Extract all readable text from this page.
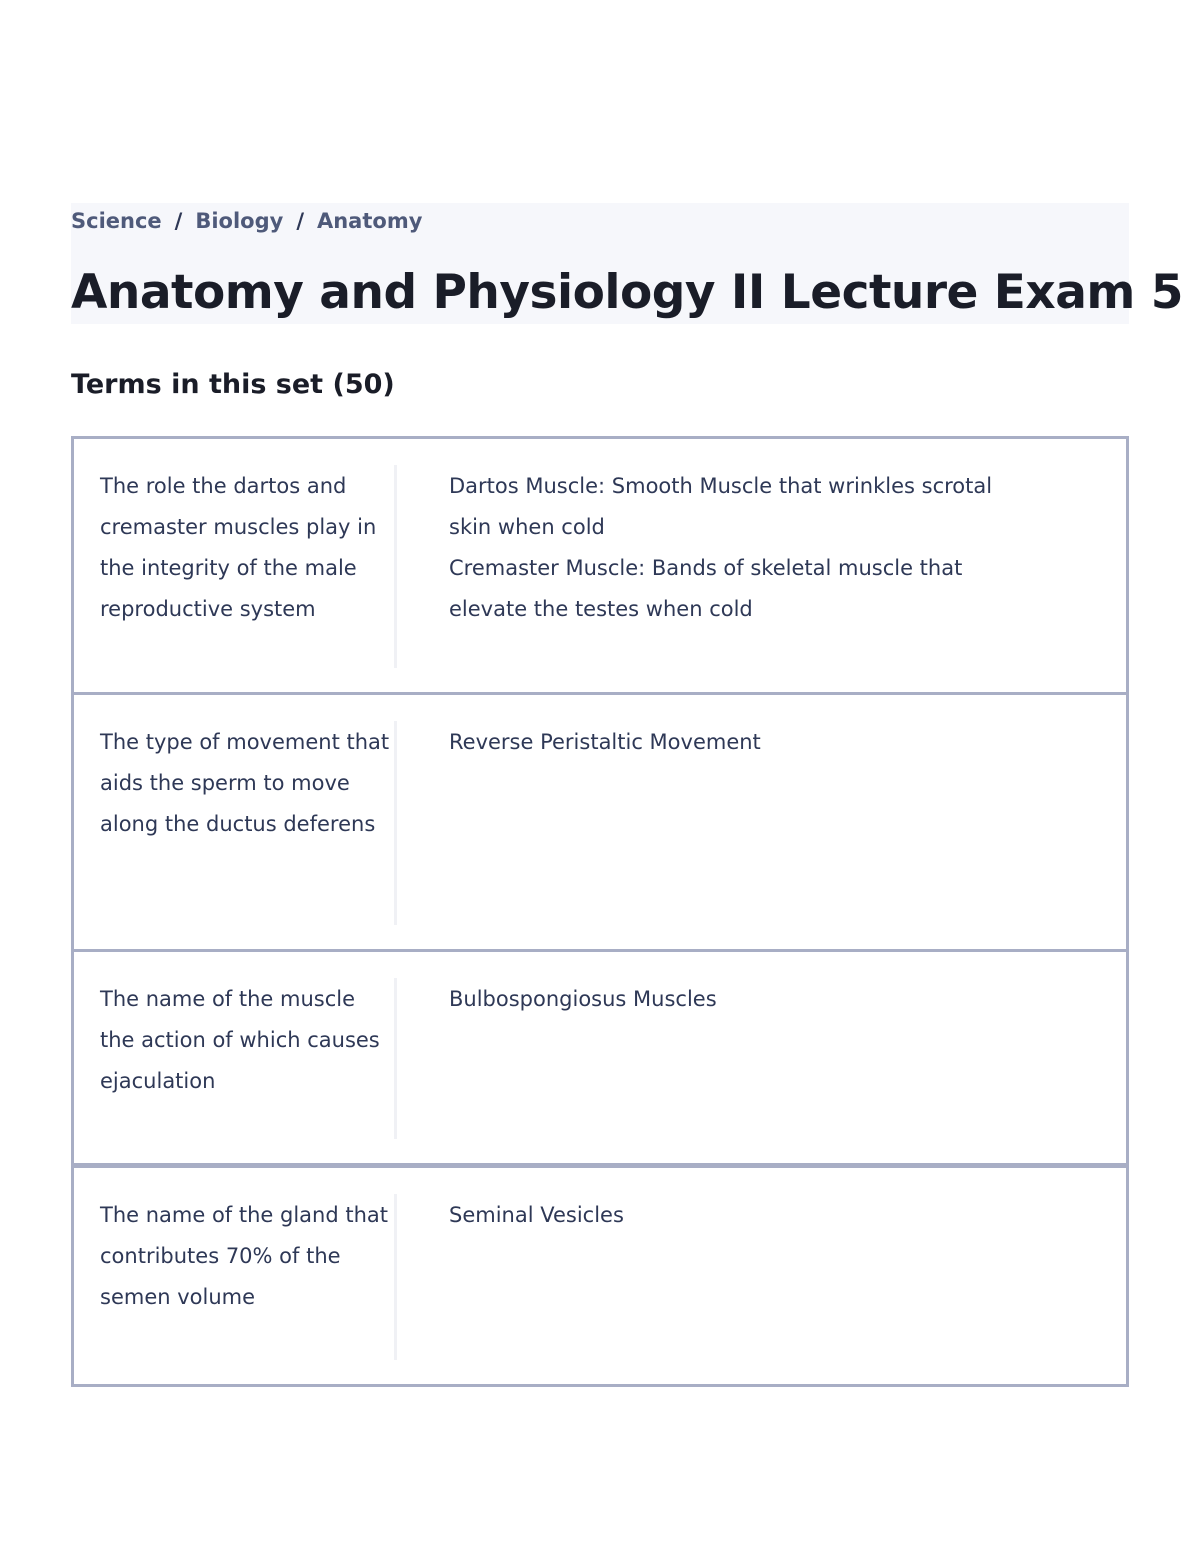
Science / Biology / Anatomy
Anatomy and Physiology II Lecture Exam 5
Terms in this set (50)
The role the dartos and cremaster muscles play in the integrity of the male reproductive system
Dartos Muscle: Smooth Muscle that wrinkles scrotal skin when cold
Cremaster Muscle: Bands of skeletal muscle that elevate the testes when cold
The type of movement that aids the sperm to move along the ductus deferens
Reverse Peristaltic Movement
The name of the muscle the action of which causes ejaculation
Bulbospongiosus Muscles
The name of the gland that contributes 70% of the semen volume
Seminal Vesicles
